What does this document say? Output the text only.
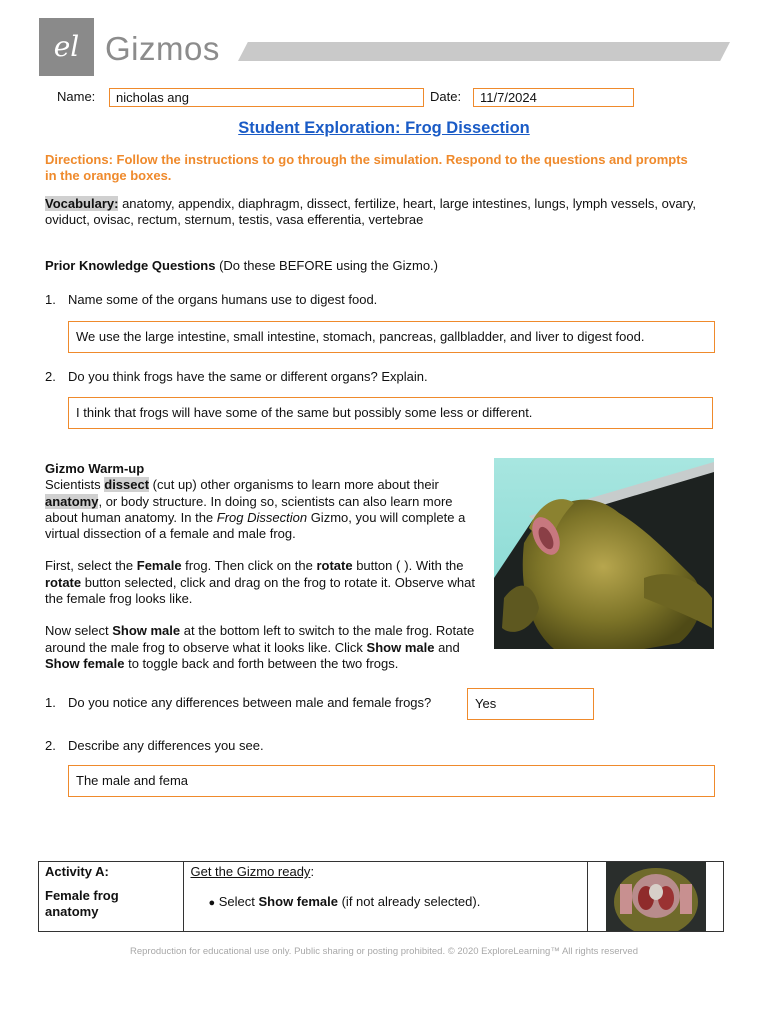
el Gizmos
Name:	nicholas ang	Date:	11/7/2024
Student Exploration: Frog Dissection
Directions: Follow the instructions to go through the simulation. Respond to the questions and prompts in the orange boxes.
Vocabulary: anatomy, appendix, diaphragm, dissect, fertilize, heart, large intestines, lungs, lymph vessels, ovary, oviduct, ovisac, rectum, sternum, testis, vasa efferentia, vertebrae
Prior Knowledge Questions (Do these BEFORE using the Gizmo.)
1. Name some of the organs humans use to digest food.
We use the large intestine, small intestine, stomach, pancreas, gallbladder, and liver to digest food.
2. Do you think frogs have the same or different organs? Explain.
I think that frogs will have some of the same but possibly some less or different.
Gizmo Warm-up
Scientists dissect (cut up) other organisms to learn more about their anatomy, or body structure. In doing so, scientists can also learn more about human anatomy. In the Frog Dissection Gizmo, you will complete a virtual dissection of a female and male frog.
First, select the Female frog. Then click on the rotate button ( ). With the rotate button selected, click and drag on the frog to rotate it. Observe what the female frog looks like.
Now select Show male at the bottom left to switch to the male frog. Rotate around the male frog to observe what it looks like. Click Show male and Show female to toggle back and forth between the two frogs.
1. Do you notice any differences between male and female frogs?	Yes
2. Describe any differences you see.
The male and fema
Activity A:

Female frog anatomy
	Get the Gizmo ready:
● Select Show female (if not already selected).

Reproduction for educational use only. Public sharing or posting prohibited. © 2020 ExploreLearning™ All rights reserved
